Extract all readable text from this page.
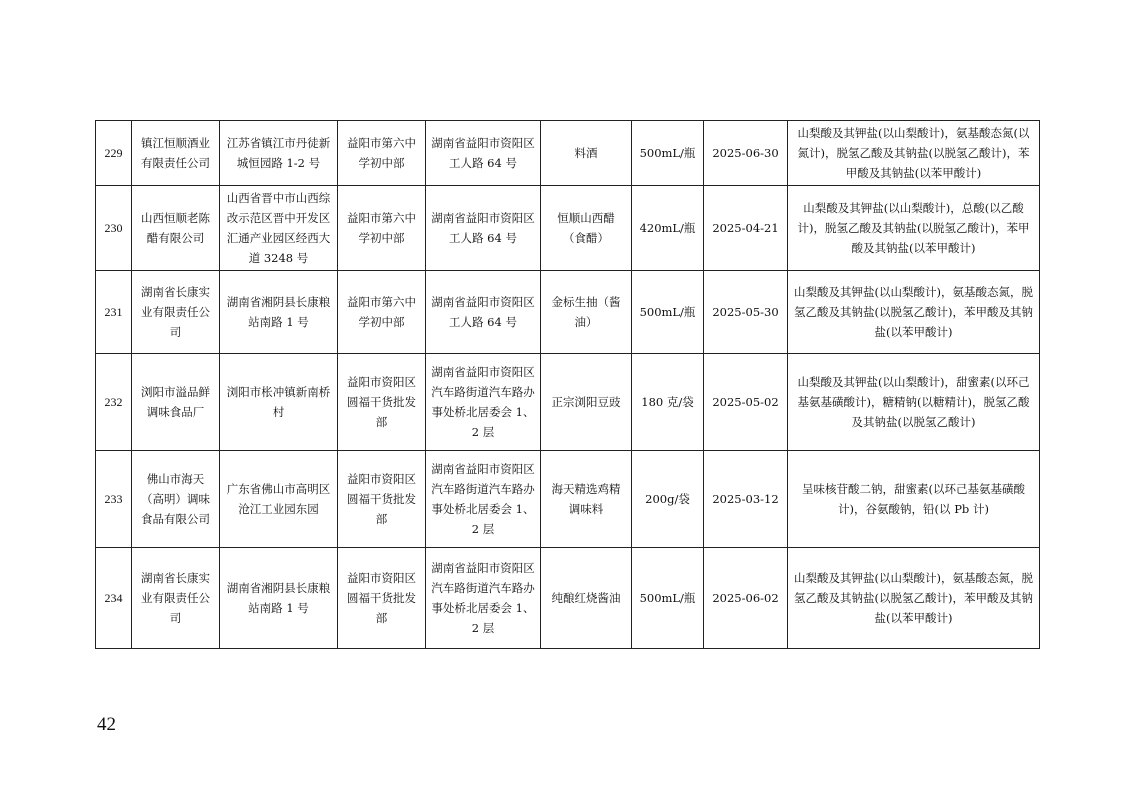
229	镇江恒顺酒业有限责任公司	江苏省镇江市丹徒新城恒园路 1-2 号	益阳市第六中学初中部	湖南省益阳市资阳区工人路 64 号	料酒	500mL/瓶	2025-06-30	山梨酸及其钾盐(以山梨酸计)，氨基酸态氮(以氮计)，脱氢乙酸及其钠盐(以脱氢乙酸计)，苯甲酸及其钠盐(以苯甲酸计)
230	山西恒顺老陈醋有限公司	山西省晋中市山西综改示范区晋中开发区汇通产业园区经西大道 3248 号	益阳市第六中学初中部	湖南省益阳市资阳区工人路 64 号	恒顺山西醋（食醋）	420mL/瓶	2025-04-21	山梨酸及其钾盐(以山梨酸计)，总酸(以乙酸计)，脱氢乙酸及其钠盐(以脱氢乙酸计)，苯甲酸及其钠盐(以苯甲酸计)
231	湖南省长康实业有限责任公司	湖南省湘阴县长康粮站南路 1 号	益阳市第六中学初中部	湖南省益阳市资阳区工人路 64 号	金标生抽（酱油）	500mL/瓶	2025-05-30	山梨酸及其钾盐(以山梨酸计)，氨基酸态氮，脱氢乙酸及其钠盐(以脱氢乙酸计)，苯甲酸及其钠盐(以苯甲酸计)
232	浏阳市溢品鲜调味食品厂	浏阳市枨冲镇新南桥村	益阳市资阳区圆福干货批发部	湖南省益阳市资阳区汽车路街道汽车路办事处桥北居委会 1、2 层	正宗浏阳豆豉	180 克/袋	2025-05-02	山梨酸及其钾盐(以山梨酸计)，甜蜜素(以环己基氨基磺酸计)，糖精钠(以糖精计)，脱氢乙酸及其钠盐(以脱氢乙酸计)
233	佛山市海天（高明）调味食品有限公司	广东省佛山市高明区沧江工业园东园	益阳市资阳区圆福干货批发部	湖南省益阳市资阳区汽车路街道汽车路办事处桥北居委会 1、2 层	海天精选鸡精调味料	200g/袋	2025-03-12	呈味核苷酸二钠，甜蜜素(以环己基氨基磺酸计)，谷氨酸钠，铅(以 Pb 计)
234	湖南省长康实业有限责任公司	湖南省湘阴县长康粮站南路 1 号	益阳市资阳区圆福干货批发部	湖南省益阳市资阳区汽车路街道汽车路办事处桥北居委会 1、2 层	纯酿红烧酱油	500mL/瓶	2025-06-02	山梨酸及其钾盐(以山梨酸计)，氨基酸态氮，脱氢乙酸及其钠盐(以脱氢乙酸计)，苯甲酸及其钠盐(以苯甲酸计)
42
